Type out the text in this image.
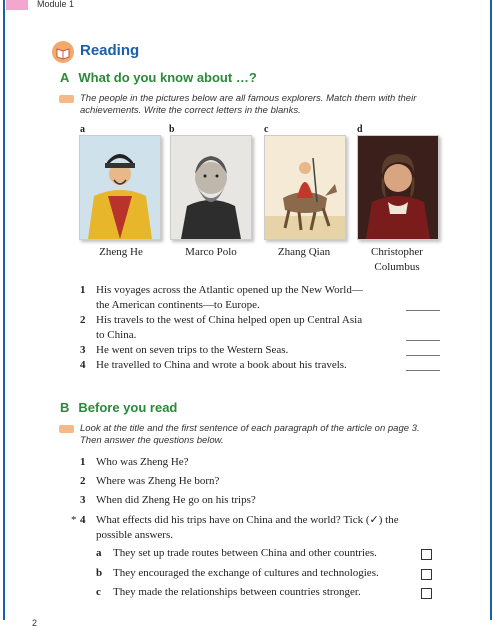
Module 1
Reading
A What do you know about …?
The people in the pictures below are all famous explorers. Match them with their
achievements. Write the correct letters in the blanks.
a
Zheng He
b
Marco Polo
c
Zhang Qian
d
Christopher
Columbus
1 His voyages across the Atlantic opened up the New World—
the American continents—to Europe.
2 His travels to the west of China helped open up Central Asia
to China.
3 He went on seven trips to the Western Seas.
4 He travelled to China and wrote a book about his travels.
B Before you read
Look at the title and the first sentence of each paragraph of the article on page 3.
Then answer the questions below.
1 Who was Zheng He?
2 Where was Zheng He born?
3 When did Zheng He go on his trips?
* 4 What effects did his trips have on China and the world? Tick (✓) the
possible answers.
a They set up trade routes between China and other countries.
b They encouraged the exchange of cultures and technologies.
c They made the relationships between countries stronger.
2
